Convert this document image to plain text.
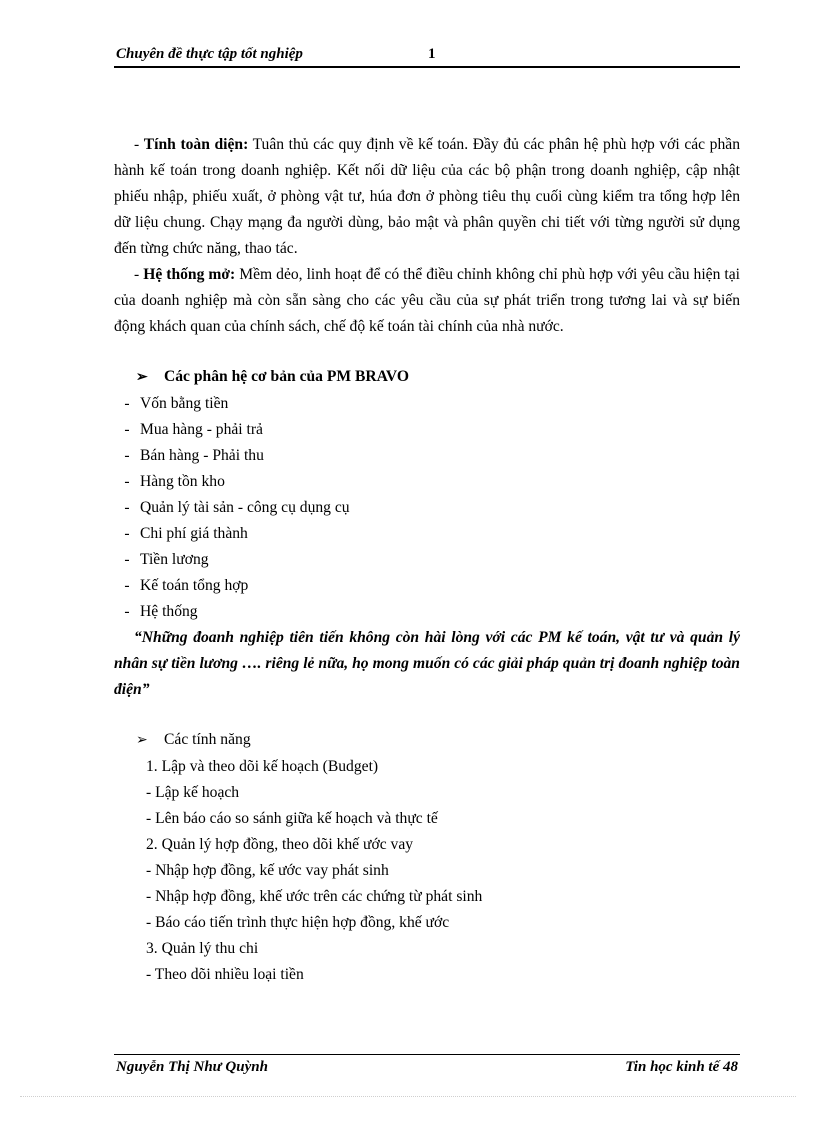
Chuyên đề thực tập tốt nghiệp	1

- Tính toàn diện: Tuân thủ các quy định về kế toán. Đầy đủ các phân hệ phù hợp với các phần hành kế toán trong doanh nghiệp. Kết nối dữ liệu của các bộ phận trong doanh nghiệp, cập nhật phiếu nhập, phiếu xuất, ở phòng vật tư, húa đơn ở phòng tiêu thụ cuối cùng kiểm tra tổng hợp lên dữ liệu chung. Chạy mạng đa người dùng, bảo mật và phân quyền chi tiết với từng người sử dụng đến từng chức năng, thao tác.

- Hệ thống mở: Mềm dẻo, linh hoạt để có thể điều chỉnh không chỉ phù hợp với yêu cầu hiện tại của doanh nghiệp mà còn sẵn sàng cho các yêu cầu của sự phát triển trong tương lai và sự biến động khách quan của chính sách, chế độ kế toán tài chính của nhà nước.

➢ Các phân hệ cơ bản của PM BRAVO

- Vốn bằng tiền

- Mua hàng - phải trả

- Bán hàng - Phải thu

- Hàng tồn kho

- Quản lý tài sản - công cụ dụng cụ

- Chi phí giá thành

- Tiền lương

- Kế toán tổng hợp

- Hệ thống

“Những đoanh nghiệp tiên tiến không còn hài lòng với các PM kế toán, vật tư và quản lý nhân sự tiền lương …. riêng lẻ nữa, họ mong muốn có các giải pháp quản trị đoanh nghiệp toàn điện”

➢ Các tính năng

1. Lập và theo dõi kế hoạch (Budget)

- Lập kế hoạch

- Lên báo cáo so sánh giữa kế hoạch và thực tế

2. Quản lý hợp đồng, theo dõi khế ước vay

- Nhập hợp đồng, kế ước vay phát sinh

- Nhập hợp đồng, khế ước trên các chứng từ phát sinh

- Báo cáo tiến trình thực hiện hợp đồng, khế ước

3. Quản lý thu chi

- Theo dõi nhiều loại tiền

Nguyễn Thị Như Quỳnh	Tin học kinh tế 48
